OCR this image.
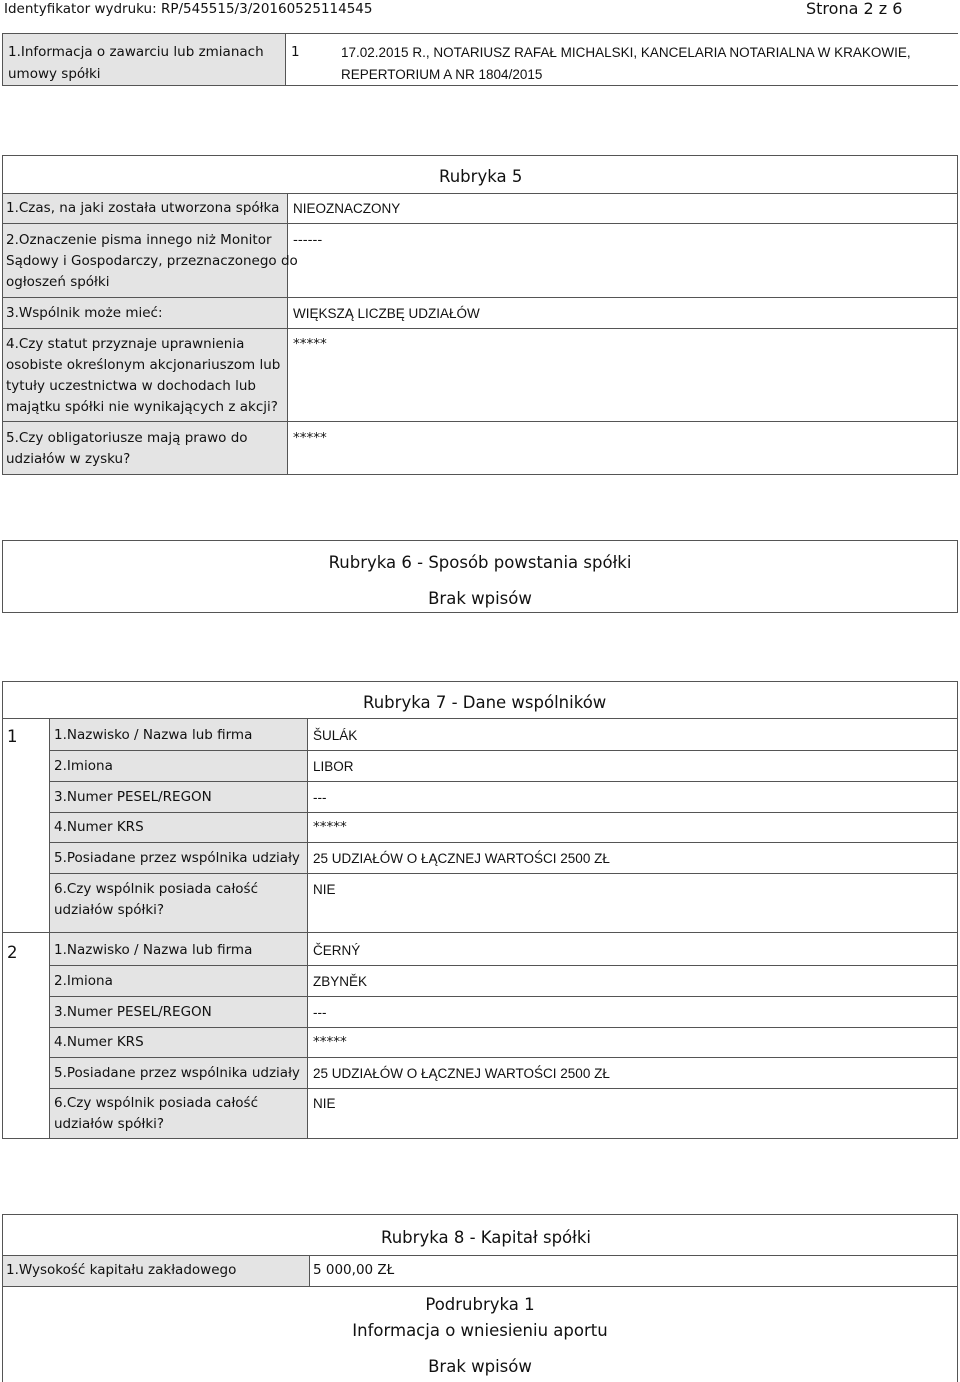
Identyfikator wydruku: RP/545515/3/20160525114545	Strona 2 z 6
1.Informacja o zawarciu lub zmianach
umowy spółki
1	17.02.2015 R., NOTARIUSZ RAFAŁ MICHALSKI, KANCELARIA NOTARIALNA W KRAKOWIE,
REPERTORIUM A NR 1804/2015
Rubryka 5
1.Czas, na jaki została utworzona spółka NIEOZNACZONY
2.Oznaczenie pisma innego niż Monitor
Sądowy i Gospodarczy, przeznaczonego do
ogłoszeń spółki
------
3.Wspólnik może mieć:	WIĘKSZĄ LICZBĘ UDZIAŁÓW
4.Czy statut przyznaje uprawnienia
osobiste określonym akcjonariuszom lub
tytuły uczestnictwa w dochodach lub
majątku spółki nie wynikających z akcji?
*****
5.Czy obligatoriusze mają prawo do
udziałów w zysku?
*****
Rubryka 6 - Sposób powstania spółki
Brak wpisów
Rubryka 7 - Dane wspólników
1	1.Nazwisko / Nazwa lub firma	ŠULÁK
2.Imiona	LIBOR
3.Numer PESEL/REGON	---
4.Numer KRS	*****
5.Posiadane przez wspólnika udziały 25 UDZIAŁÓW O ŁĄCZNEJ WARTOŚCI 2500 ZŁ
6.Czy wspólnik posiada całość
udziałów spółki?
NIE
2	1.Nazwisko / Nazwa lub firma	ČERNÝ
2.Imiona	ZBYNĚK
3.Numer PESEL/REGON	---
4.Numer KRS	*****
5.Posiadane przez wspólnika udziały 25 UDZIAŁÓW O ŁĄCZNEJ WARTOŚCI 2500 ZŁ
6.Czy wspólnik posiada całość
udziałów spółki?
NIE
Rubryka 8 - Kapitał spółki
1.Wysokość kapitału zakładowego	5 000,00 ZŁ
Podrubryka 1
Informacja o wniesieniu aportu
Brak wpisów
